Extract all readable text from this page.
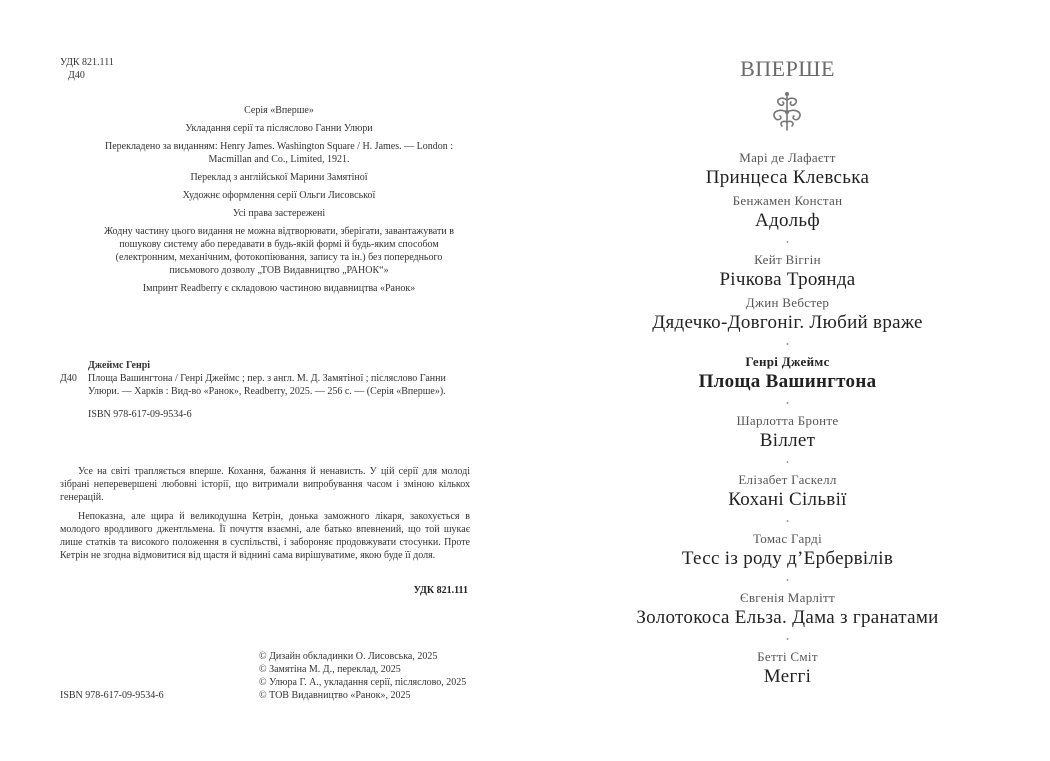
УДК 821.111
Д40

Серія «Вперше»

Укладання серії та післяслово Ганни Улюри

Перекладено за виданням: Henry James. Washington Square / H. James. — London : Macmillan and Co., Limited, 1921.

Переклад з англійської Марини Замятіної

Художнє оформлення серії Ольги Лисовської

Усі права застережені

Жодну частину цього видання не можна відтворювати, зберігати, завантажувати в пошукову систему або передавати в будь-якій формі й будь-яким способом (електронним, механічним, фотокопіювання, запису та ін.) без попереднього письмового дозволу „ТОВ Видавництво „РАНОК“»

Імпринт Readberry є складовою частиною видавництва «Ранок»

Джеймс Генрі
Д40	Площа Вашингтона / Генрі Джеймс ; пер. з англ. М. Д. Замятіної ; післяслово Ганни Улюри. — Харків : Вид-во «Ранок», Readberry, 2025. — 256 с. — (Серія «Вперше»).
ISBN 978-617-09-9534-6

Усе на світі трапляється вперше. Кохання, бажання й ненависть. У цій серії для молоді зібрані неперевершені любовні історії, що витримали випробування часом і зміною кількох генерацій.

Непоказна, але щира й великодушна Кетрін, донька заможного лікаря, закохується в молодого вродливого джентльмена. Її почуття взаємні, але батько впевнений, що той шукає лише статків та високого положення в суспільстві, і забороняє продовжувати стосунки. Проте Кетрін не згодна відмовитися від щастя й віднині сама вирішуватиме, якою буде її доля.

УДК 821.111
© Дизайн обкладинки О. Лисовська, 2025
© Замятіна М. Д., переклад, 2025
© Улюра Г. А., укладання серії, післяслово, 2025
© ТОВ Видавництво «Ранок», 2025
ISBN 978-617-09-9534-6
ВПЕРШЕ
Марі де Лафаєтт
Принцеса Клевська
Бенжамен Констан
Адольф
•
Кейт Віггін
Річкова Троянда
Джин Вебстер
Дядечко-Довгоніг. Любий враже
•
Генрі Джеймс
Площа Вашингтона
•
Шарлотта Бронте
Віллет
•
Елізабет Гаскелл
Кохані Сільвії
•
Томас Гарді
Тесс із роду д’Ербервілів
•
Євгенія Марлітт
Золотокоса Ельза. Дама з гранатами
•
Бетті Сміт
Меггі
